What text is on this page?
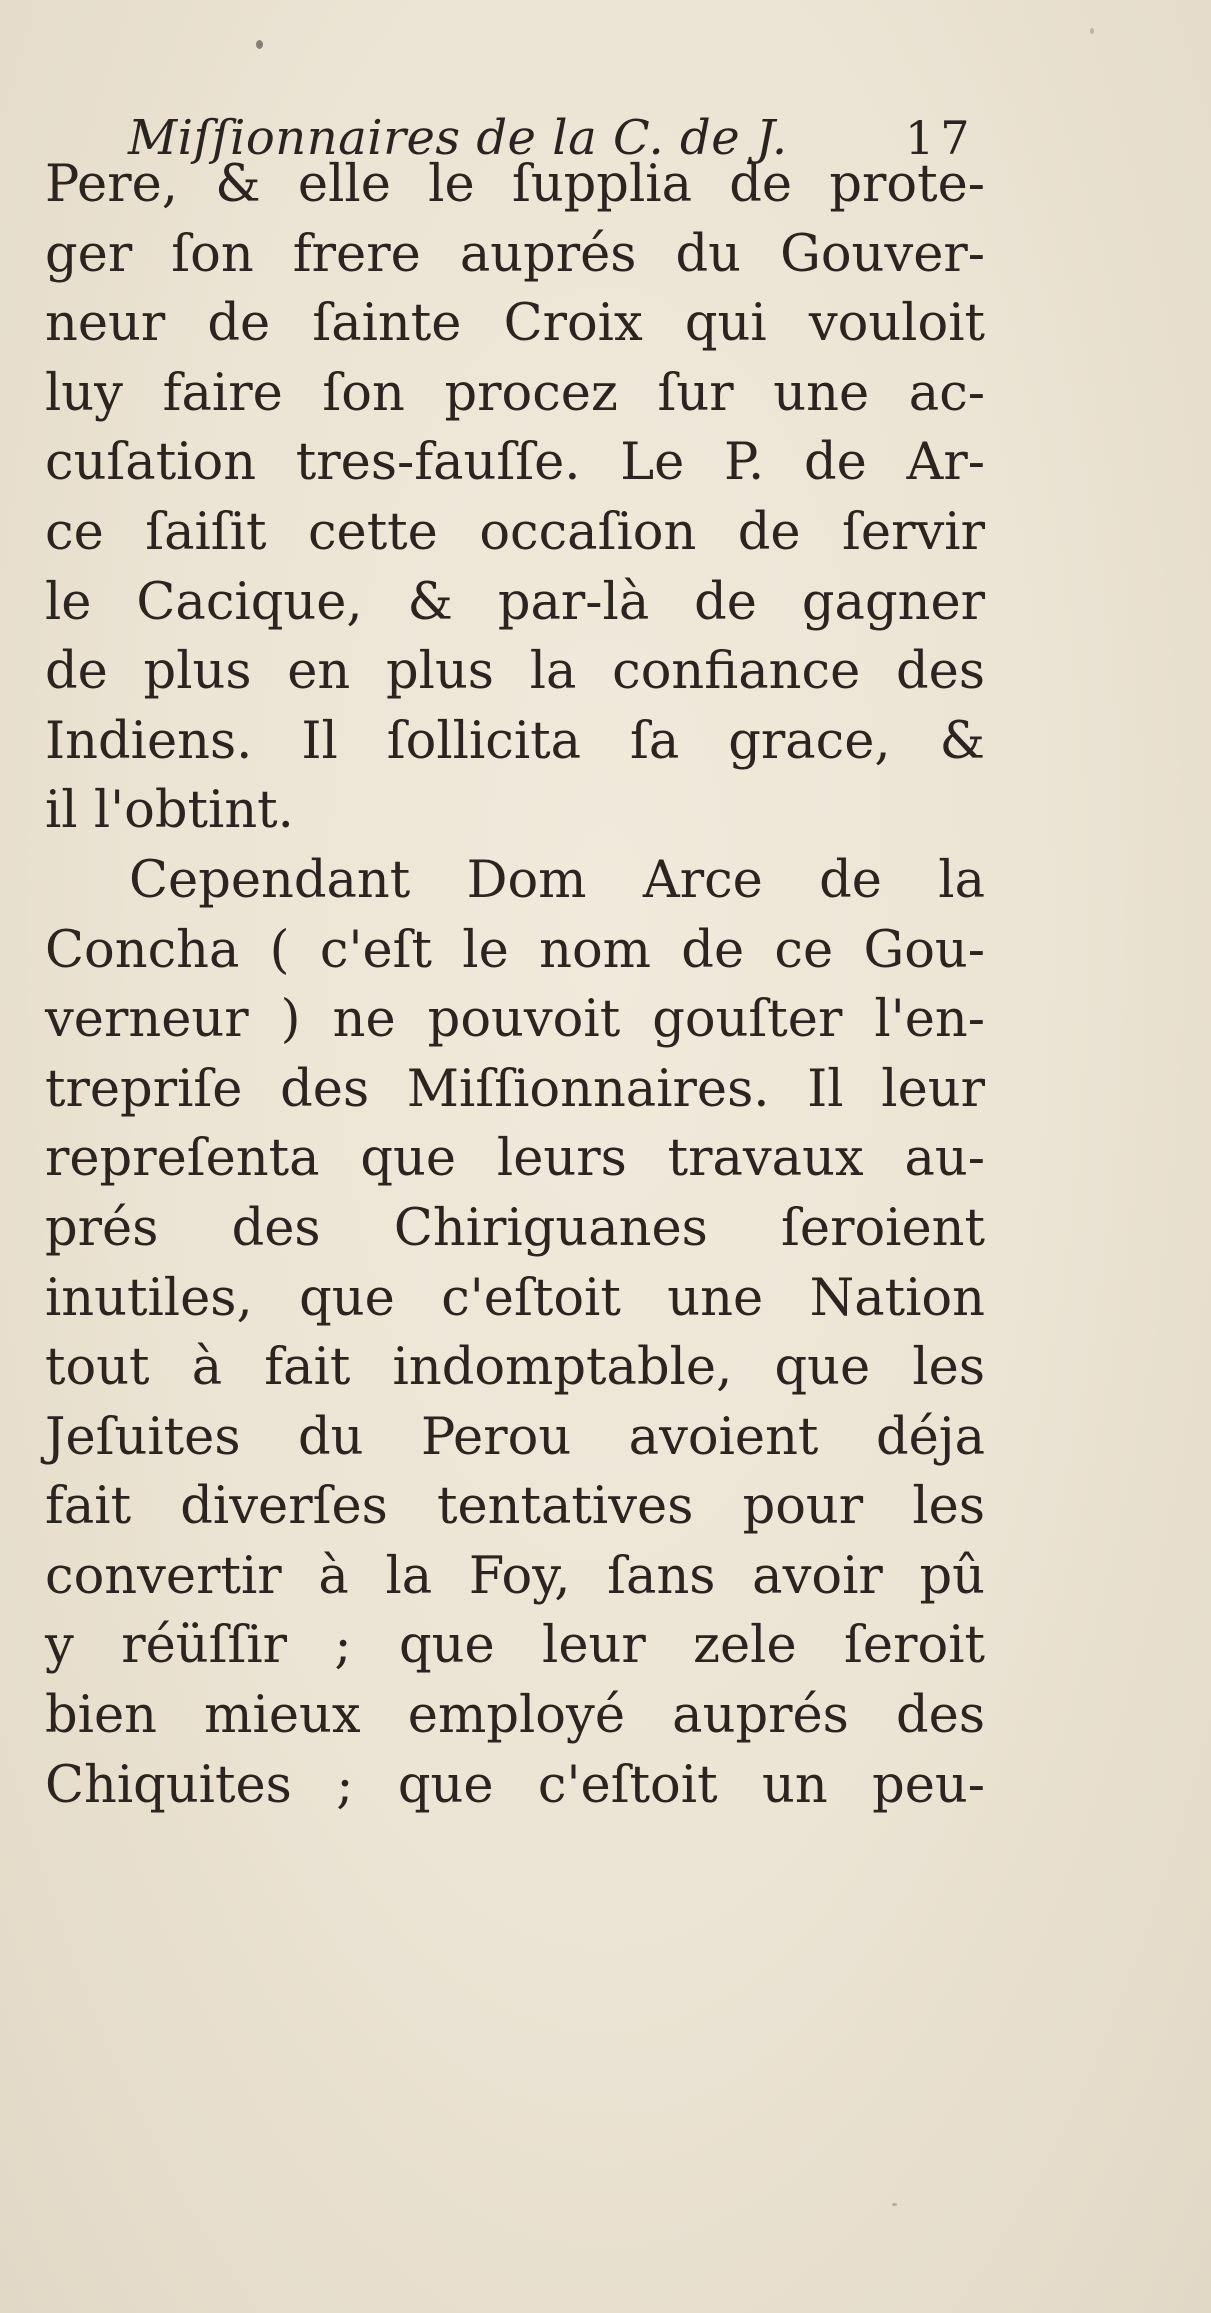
Miſſionnaires de la C. de J.	17
Pere, & elle le ſupplia de prote-
ger ſon frere auprés du Gouver-
neur de ſainte Croix qui vouloit
luy faire ſon procez ſur une ac-
cuſation tres-fauſſe. Le P. de Ar-
ce ſaiſit cette occaſion de ſervir
le Cacique, & par-là de gagner
de plus en plus la confiance des
Indiens. Il ſollicita ſa grace, &
il l'obtint.
Cependant Dom Arce de la
Concha ( c'eſt le nom de ce Gou-
verneur ) ne pouvoit gouſter l'en-
trepriſe des Miſſionnaires. Il leur
repreſenta que leurs travaux au-
prés des Chiriguanes ſeroient
inutiles, que c'eſtoit une Nation
tout à fait indomptable, que les
Jeſuites du Perou avoient déja
fait diverſes tentatives pour les
convertir à la Foy, ſans avoir pû
y réüſſir ; que leur zele ſeroit
bien mieux employé auprés des
Chiquites ; que c'eſtoit un peu-
